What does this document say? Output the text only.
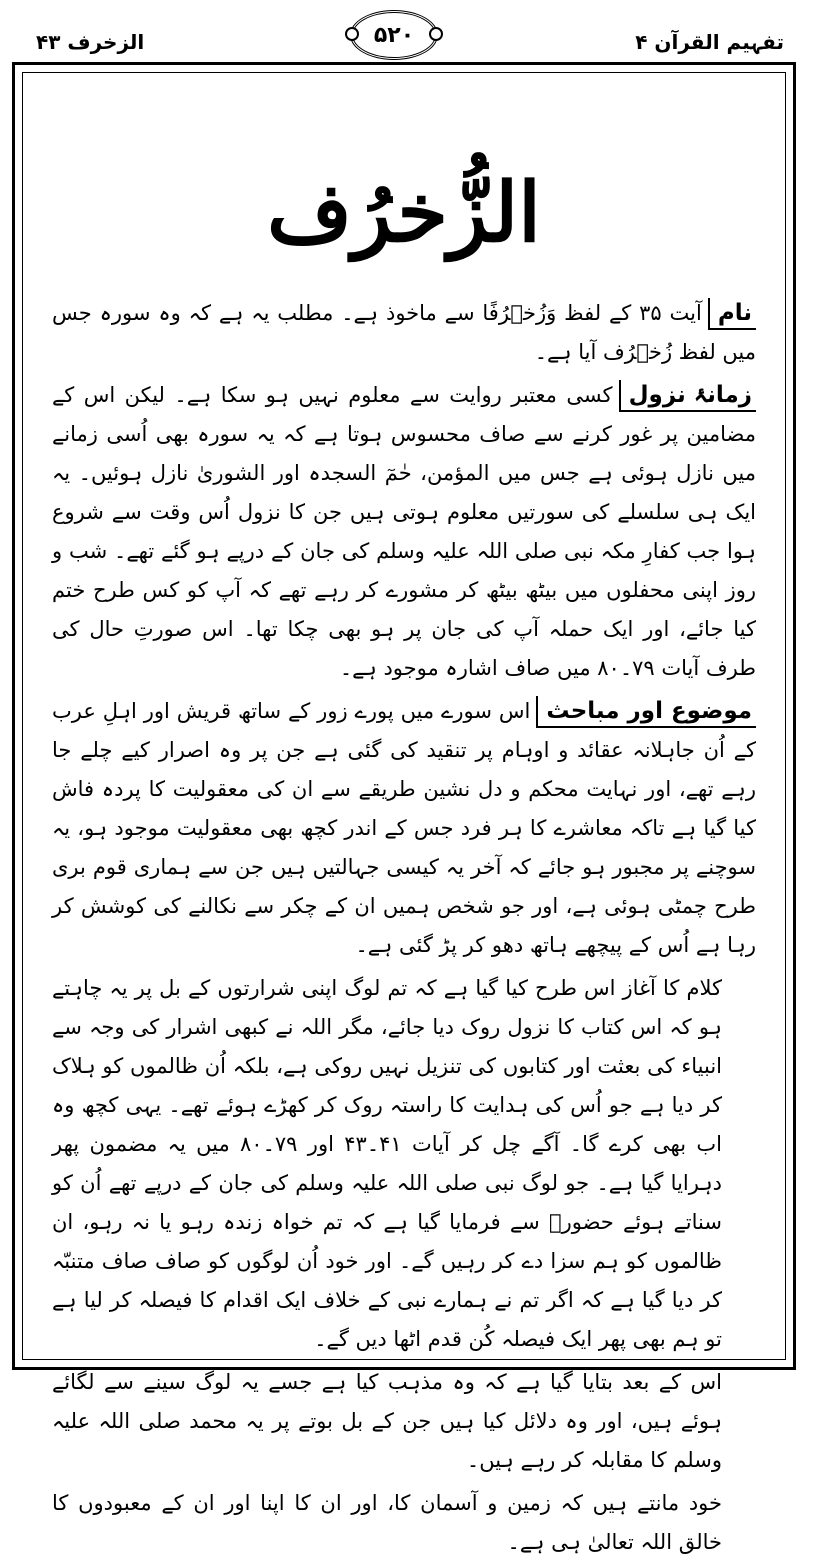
الزخرف ۴۳	۵۲۰	تفہیم القرآن ۴
الزُّخرُف

نامآیت ۳۵ کے لفظ وَزُخۡرُفًا سے ماخوذ ہے۔ مطلب یہ ہے کہ وہ سورہ جس میں لفظ زُخۡرُف آیا ہے۔

زمانۂ نزولکسی معتبر روایت سے معلوم نہیں ہو سکا ہے۔ لیکن اس کے مضامین پر غور کرنے سے صاف محسوس ہوتا ہے کہ یہ سورہ بھی اُسی زمانے میں نازل ہوئی ہے جس میں المؤمن، حٰمٓ السجدہ اور الشوریٰ نازل ہوئیں۔ یہ ایک ہی سلسلے کی سورتیں معلوم ہوتی ہیں جن کا نزول اُس وقت سے شروع ہوا جب کفارِ مکہ نبی صلی اللہ علیہ وسلم کی جان کے درپے ہو گئے تھے۔ شب و روز اپنی محفلوں میں بیٹھ بیٹھ کر مشورے کر رہے تھے کہ آپ کو کس طرح ختم کیا جائے، اور ایک حملہ آپ کی جان پر ہو بھی چکا تھا۔ اس صورتِ حال کی طرف آیات ۷۹۔۸۰ میں صاف اشارہ موجود ہے۔

موضوع اور مباحثاس سورے میں پورے زور کے ساتھ قریش اور اہلِ عرب کے اُن جاہلانہ عقائد و اوہام پر تنقید کی گئی ہے جن پر وہ اصرار کیے چلے جا رہے تھے، اور نہایت محکم و دل نشین طریقے سے ان کی معقولیت کا پردہ فاش کیا گیا ہے تاکہ معاشرے کا ہر فرد جس کے اندر کچھ بھی معقولیت موجود ہو، یہ سوچنے پر مجبور ہو جائے کہ آخر یہ کیسی جہالتیں ہیں جن سے ہماری قوم بری طرح چمٹی ہوئی ہے، اور جو شخص ہمیں ان کے چکر سے نکالنے کی کوشش کر رہا ہے اُس کے پیچھے ہاتھ دھو کر پڑ گئی ہے۔

کلام کا آغاز اس طرح کیا گیا ہے کہ تم لوگ اپنی شرارتوں کے بل پر یہ چاہتے ہو کہ اس کتاب کا نزول روک دیا جائے، مگر اللہ نے کبھی اشرار کی وجہ سے انبیاء کی بعثت اور کتابوں کی تنزیل نہیں روکی ہے، بلکہ اُن ظالموں کو ہلاک کر دیا ہے جو اُس کی ہدایت کا راستہ روک کر کھڑے ہوئے تھے۔ یہی کچھ وہ اب بھی کرے گا۔ آگے چل کر آیات ۴۱۔۴۳ اور ۷۹۔۸۰ میں یہ مضمون پھر دہرایا گیا ہے۔ جو لوگ نبی صلی اللہ علیہ وسلم کی جان کے درپے تھے اُن کو سناتے ہوئے حضورؐ سے فرمایا گیا ہے کہ تم خواہ زندہ رہو یا نہ رہو، ان ظالموں کو ہم سزا دے کر رہیں گے۔ اور خود اُن لوگوں کو صاف صاف متنبّہ کر دیا گیا ہے کہ اگر تم نے ہمارے نبی کے خلاف ایک اقدام کا فیصلہ کر لیا ہے تو ہم بھی پھر ایک فیصلہ کُن قدم اٹھا دیں گے۔

اس کے بعد بتایا گیا ہے کہ وہ مذہب کیا ہے جسے یہ لوگ سینے سے لگائے ہوئے ہیں، اور وہ دلائل کیا ہیں جن کے بل بوتے پر یہ محمد صلی اللہ علیہ وسلم کا مقابلہ کر رہے ہیں۔

خود مانتے ہیں کہ زمین و آسمان کا، اور ان کا اپنا اور ان کے معبودوں کا خالق اللہ تعالیٰ ہی ہے۔
